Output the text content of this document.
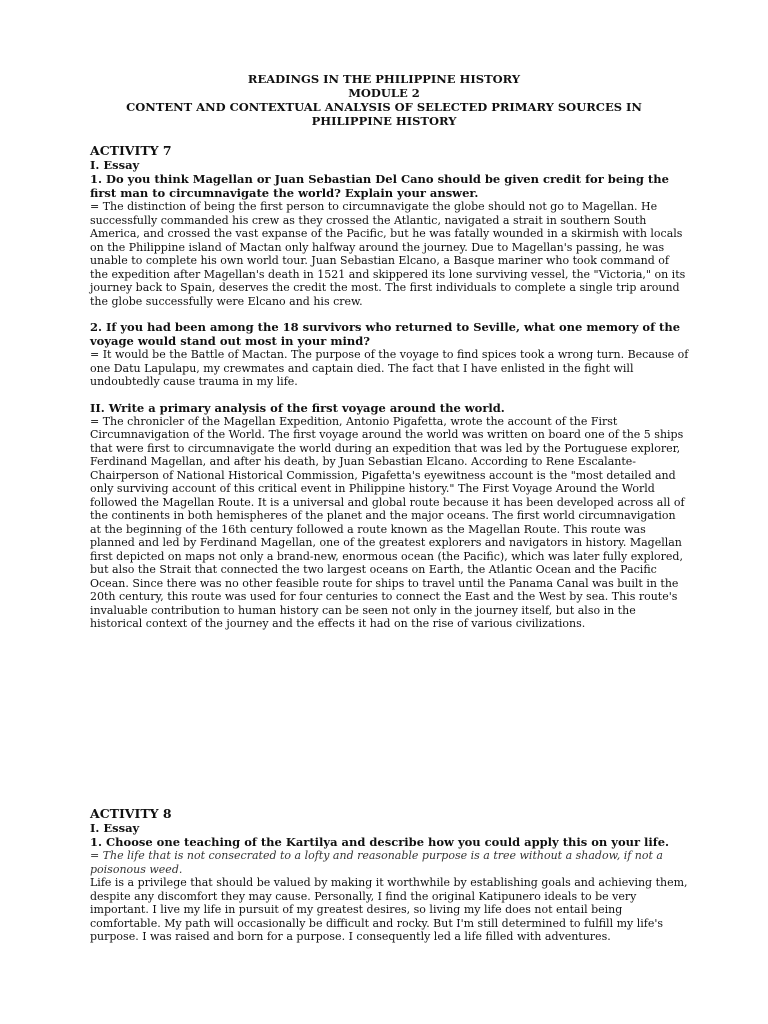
READINGS IN THE PHILIPPINE HISTORY
MODULE 2
CONTENT AND CONTEXTUAL ANALYSIS OF SELECTED PRIMARY SOURCES IN
PHILIPPINE HISTORY

ACTIVITY 7

I. Essay

1. Do you think Magellan or Juan Sebastian Del Cano should be given credit for being the first man to circumnavigate the world? Explain your answer.

= The distinction of being the first person to circumnavigate the globe should not go to Magellan. He successfully commanded his crew as they crossed the Atlantic, navigated a strait in southern South America, and crossed the vast expanse of the Pacific, but he was fatally wounded in a skirmish with locals on the Philippine island of Mactan only halfway around the journey. Due to Magellan's passing, he was unable to complete his own world tour. Juan Sebastian Elcano, a Basque mariner who took command of the expedition after Magellan's death in 1521 and skippered its lone surviving vessel, the "Victoria," on its journey back to Spain, deserves the credit the most. The first individuals to complete a single trip around the globe successfully were Elcano and his crew.

2. If you had been among the 18 survivors who returned to Seville, what one memory of the voyage would stand out most in your mind?

= It would be the Battle of Mactan. The purpose of the voyage to find spices took a wrong turn. Because of one Datu Lapulapu, my crewmates and captain died. The fact that I have enlisted in the fight will undoubtedly cause trauma in my life.

II. Write a primary analysis of the first voyage around the world.

= The chronicler of the Magellan Expedition, Antonio Pigafetta, wrote the account of the First Circumnavigation of the World. The first voyage around the world was written on board one of the 5 ships that were first to circumnavigate the world during an expedition that was led by the Portuguese explorer, Ferdinand Magellan, and after his death, by Juan Sebastian Elcano. According to Rene Escalante- Chairperson of National Historical Commission, Pigafetta's eyewitness account is the "most detailed and only surviving account of this critical event in Philippine history." The First Voyage Around the World followed the Magellan Route. It is a universal and global route because it has been developed across all of the continents in both hemispheres of the planet and the major oceans. The first world circumnavigation at the beginning of the 16th century followed a route known as the Magellan Route. This route was planned and led by Ferdinand Magellan, one of the greatest explorers and navigators in history. Magellan first depicted on maps not only a brand-new, enormous ocean (the Pacific), which was later fully explored, but also the Strait that connected the two largest oceans on Earth, the Atlantic Ocean and the Pacific Ocean. Since there was no other feasible route for ships to travel until the Panama Canal was built in the 20th century, this route was used for four centuries to connect the East and the West by sea. This route's invaluable contribution to human history can be seen not only in the journey itself, but also in the historical context of the journey and the effects it had on the rise of various civilizations.

ACTIVITY 8

I. Essay

1. Choose one teaching of the Kartilya and describe how you could apply this on your life.

= The life that is not consecrated to a lofty and reasonable purpose is a tree without a shadow, if not a poisonous weed.

Life is a privilege that should be valued by making it worthwhile by establishing goals and achieving them, despite any discomfort they may cause. Personally, I find the original Katipunero ideals to be very important. I live my life in pursuit of my greatest desires, so living my life does not entail being comfortable. My path will occasionally be difficult and rocky. But I'm still determined to fulfill my life's purpose. I was raised and born for a purpose. I consequently led a life filled with adventures.
